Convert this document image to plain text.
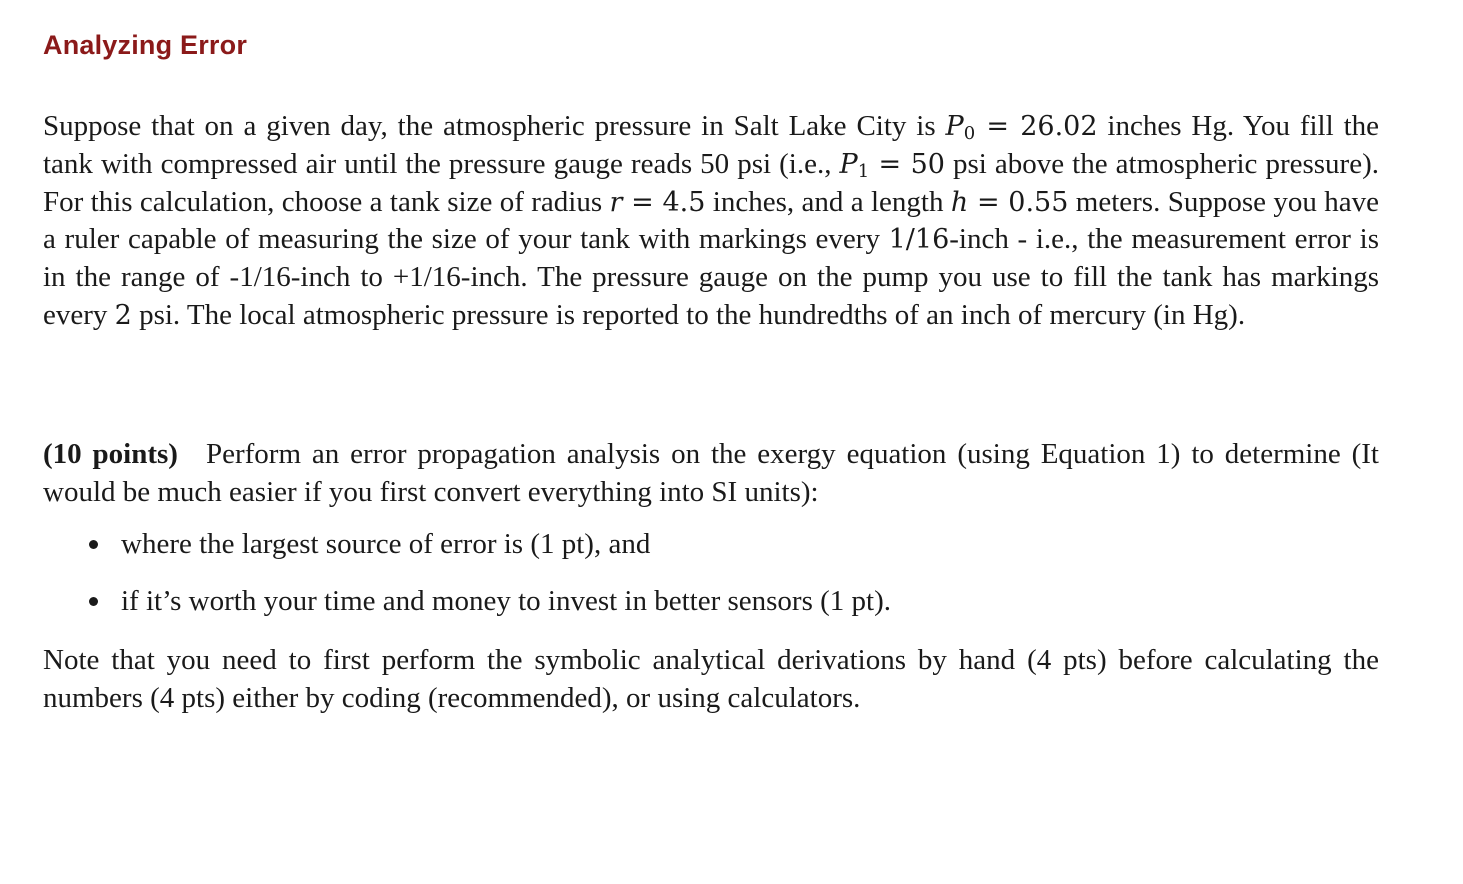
Analyzing Error

Suppose that on a given day, the atmospheric pressure in Salt Lake City is $P_0 = 26.02$ inches Hg. You fill the tank with compressed air until the pressure gauge reads 50 psi (i.e., $P_1 = 50$ psi above the atmospheric pressure). For this calculation, choose a tank size of radius r = 4.5 inches, and a length h = 0.55 meters. Suppose you have a ruler capable of measuring the size of your tank with markings every 1/16-inch - i.e., the measurement error is in the range of -1/16-inch to +1/16-inch. The pressure gauge on the pump you use to fill the tank has markings every 2 psi. The local atmospheric pressure is reported to the hundredths of an inch of mercury (in Hg).

(10 points) Perform an error propagation analysis on the exergy equation (using Equation 1) to determine (It would be much easier if you first convert everything into SI units):

where the largest source of error is (1 pt), and
if it’s worth your time and money to invest in better sensors (1 pt).

Note that you need to first perform the symbolic analytical derivations by hand (4 pts) before calculating the numbers (4 pts) either by coding (recommended), or using calculators.
